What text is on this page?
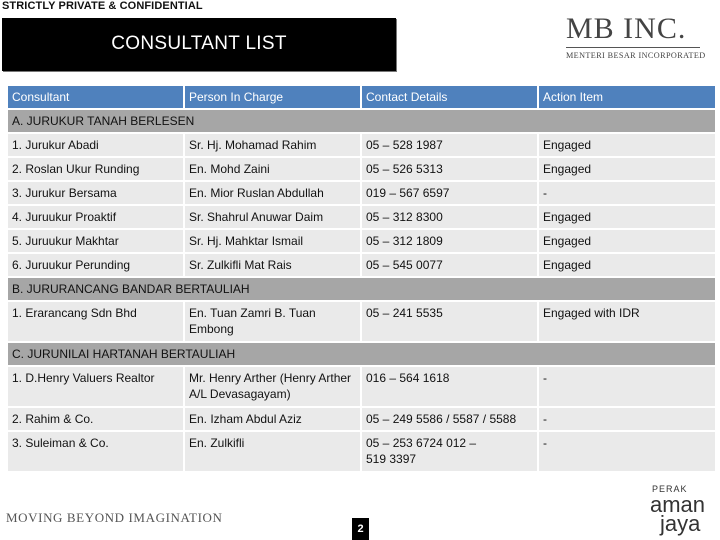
STRICTLY PRIVATE & CONFIDENTIAL
CONSULTANT LIST	MB INC.
MENTERI BESAR INCORPORATED
Consultant	Person In Charge	Contact Details	Action Item
A. JURUKUR TANAH BERLESEN			
1. Jurukur Abadi	Sr. Hj. Mohamad Rahim	05 – 528 1987	Engaged
2. Roslan Ukur Runding	En. Mohd Zaini	05 – 526 5313	Engaged
3. Jurukur Bersama	En. Mior Ruslan Abdullah	019 – 567 6597	-
4. Juruukur Proaktif	Sr. Shahrul Anuwar Daim	05 – 312 8300	Engaged
5. Juruukur Makhtar	Sr. Hj. Mahktar Ismail	05 – 312 1809	Engaged
6. Juruukur Perunding	Sr. Zulkifli Mat Rais	05 – 545 0077	Engaged
B. JURURANCANG BANDAR BERTAULIAH			
1. Erarancang Sdn Bhd	En. Tuan Zamri B. Tuan Embong	05 – 241 5535	Engaged with IDR
C. JURUNILAI HARTANAH BERTAULIAH			
1. D.Henry Valuers Realtor	Mr. Henry Arther (Henry Arther A/L Devasagayam)	016 – 564 1618	-
2. Rahim & Co.	En. Izham Abdul Aziz	05 – 249 5586 / 5587 / 5588	-
3. Suleiman & Co.	En. Zulkifli	05 – 253 6724 012 – 519 3397	-
MOVING BEYOND IMAGINATION
2
PERAK
aman
jaya
